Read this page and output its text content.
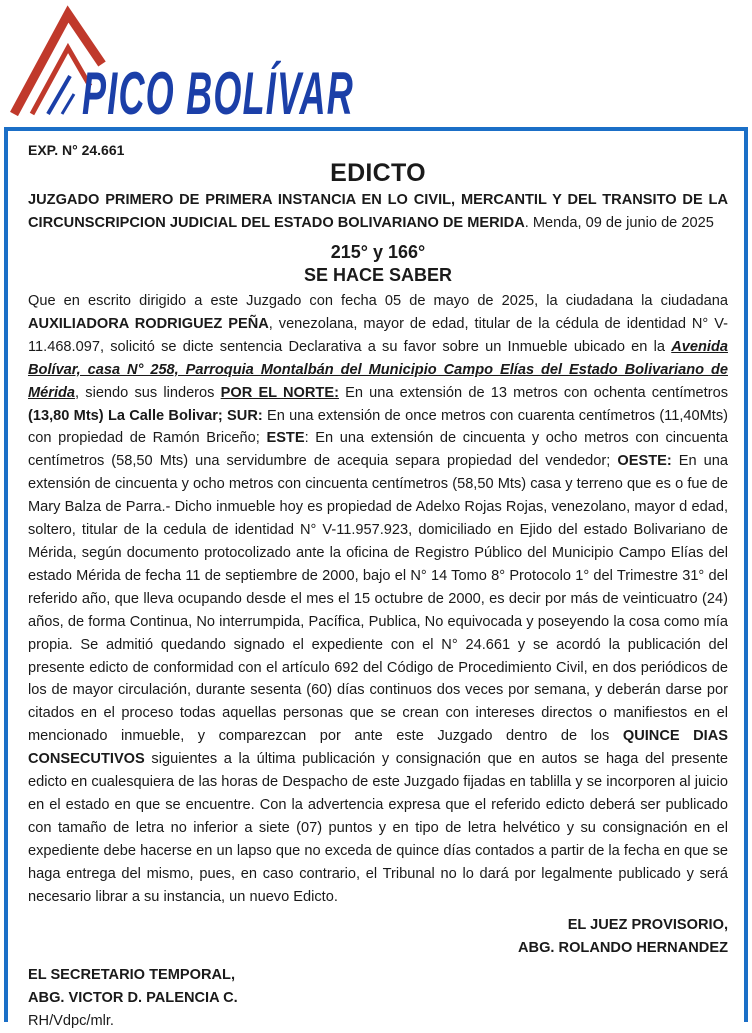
PICO BOLÍVAR
EXP. N° 24.661
EDICTO
JUZGADO PRIMERO DE PRIMERA INSTANCIA EN LO CIVIL, MERCANTIL Y DEL TRANSITO DE LA CIRCUNSCRIPCION JUDICIAL DEL ESTADO BOLIVARIANO DE MERIDA. Menda, 09 de junio de 2025
215° y 166°
SE HACE SABER
Que en escrito dirigido a este Juzgado con fecha 05 de mayo de 2025, la ciudadana la ciudadana AUXILIADORA RODRIGUEZ PEÑA, venezolana, mayor de edad, titular de la cédula de identidad N° V-11.468.097, solicitó se dicte sentencia Declarativa a su favor sobre un Inmueble ubicado en la Avenida Bolívar, casa N° 258, Parroquia Montalbán del Municipio Campo Elías del Estado Bolivariano de Mérida, siendo sus linderos POR EL NORTE: En una extensión de 13 metros con ochenta centímetros (13,80 Mts) La Calle Bolivar; SUR: En una extensión de once metros con cuarenta centímetros (11,40Mts) con propiedad de Ramón Briceño; ESTE: En una extensión de cincuenta y ocho metros con cincuenta centímetros (58,50 Mts) una servidumbre de acequia separa propiedad del vendedor; OESTE: En una extensión de cincuenta y ocho metros con cincuenta centímetros (58,50 Mts) casa y terreno que es o fue de Mary Balza de Parra.- Dicho inmueble hoy es propiedad de Adelxo Rojas Rojas, venezolano, mayor d edad, soltero, titular de la cedula de identidad N° V-11.957.923, domiciliado en Ejido del estado Bolivariano de Mérida, según documento protocolizado ante la oficina de Registro Público del Municipio Campo Elías del estado Mérida de fecha 11 de septiembre de 2000, bajo el N° 14 Tomo 8° Protocolo 1° del Trimestre 31° del referido año, que lleva ocupando desde el mes el 15 octubre de 2000, es decir por más de veinticuatro (24) años, de forma Continua, No interrumpida, Pacífica, Publica, No equivocada y poseyendo la cosa como mía propia. Se admitió quedando signado el expediente con el N° 24.661 y se acordó la publicación del presente edicto de conformidad con el artículo 692 del Código de Procedimiento Civil, en dos periódicos de los de mayor circulación, durante sesenta (60) días continuos dos veces por semana, y deberán darse por citados en el proceso todas aquellas personas que se crean con intereses directos o manifiestos en el mencionado inmueble, y comparezcan por ante este Juzgado dentro de los QUINCE DIAS CONSECUTIVOS siguientes a la última publicación y consignación que en autos se haga del presente edicto en cualesquiera de las horas de Despacho de este Juzgado fijadas en tablilla y se incorporen al juicio en el estado en que se encuentre. Con la advertencia expresa que el referido edicto deberá ser publicado con tamaño de letra no inferior a siete (07) puntos y en tipo de letra helvético y su consignación en el expediente debe hacerse en un lapso que no exceda de quince días contados a partir de la fecha en que se haga entrega del mismo, pues, en caso contrario, el Tribunal no lo dará por legalmente publicado y será necesario librar a su instancia, un nuevo Edicto.
EL JUEZ PROVISORIO,
ABG. ROLANDO HERNANDEZ
EL SECRETARIO TEMPORAL,
ABG. VICTOR D. PALENCIA C.
RH/Vdpc/mlr.
